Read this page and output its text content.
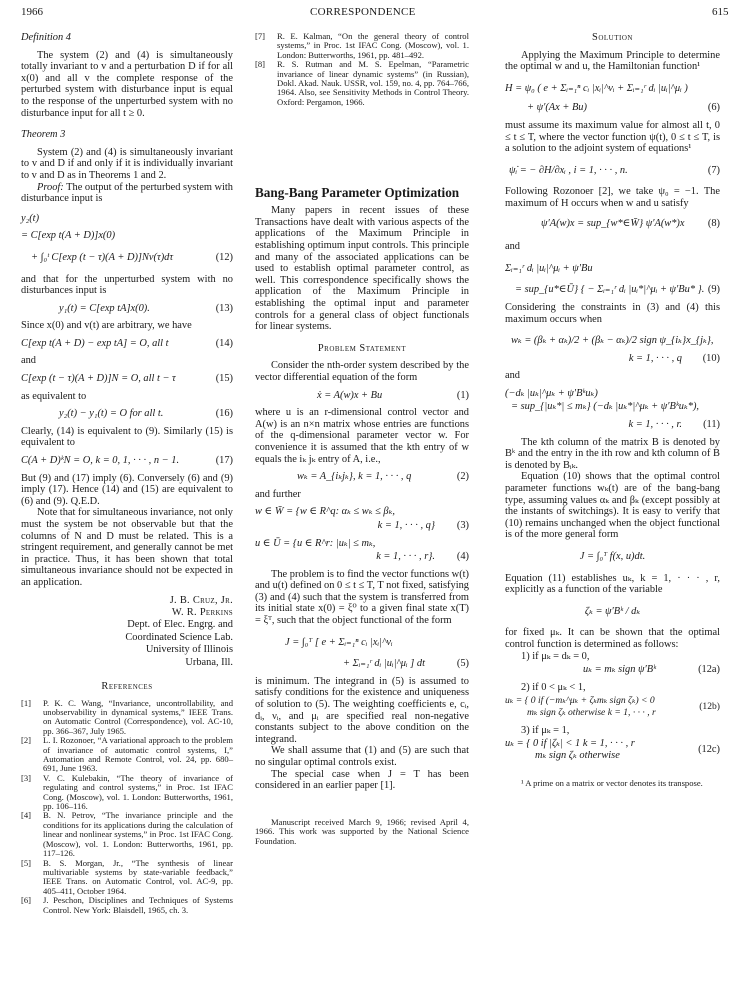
1966	CORRESPONDENCE	615

Definition 4

The system (2) and (4) is simultaneously totally invariant to v and a perturbation D if for all x(0) and all v the complete response of the perturbed system with disturbance input is equal to the response of the unperturbed system with no disturbance input for all t ≥ 0.

Theorem 3

System (2) and (4) is simultaneously invariant to v and D if and only if it is individually invariant to v and D as in Theorems 1 and 2.

Proof: The output of the perturbed system with disturbance input is

y₂(t)
= C[exp t(A + D)]x(0)
+ ∫₀ᵗ C[exp (t − τ)(A + D)]Nv(τ)dτ	(12)

and that for the unperturbed system with no disturbances input is

y₁(t) = C[exp tA]x(0).	(13)

Since x(0) and v(t) are arbitrary, we have

C[exp t(A + D) − exp tA] = O, all t	(14)

and

C[exp (t − τ)(A + D)]N = O, all t − τ	(15)

as equivalent to

y₂(t) − y₁(t) = O for all t.	(16)

Clearly, (14) is equivalent to (9). Similarly (15) is equivalent to

C(A + D)ᵏN = O, k = 0, 1, · · · , n − 1.	(17)

But (9) and (17) imply (6). Conversely (6) and (9) imply (17). Hence (14) and (15) are equivalent to (6) and (9). Q.E.D.

Note that for simultaneous invariance, not only must the system be not observable but that the columns of N and D must be related. This is a stringent requirement, and generally cannot be met in practice. Thus, it has been shown that total simultaneous invariance should not be expected in an application.

J. B. Cruz, Jr.
W. R. Perkins
Dept. of Elec. Engrg. and
Coordinated Science Lab.
University of Illinois
Urbana, Ill.
References
[1] P. K. C. Wang, “Invariance, uncontrollability, and unobservability in dynamical systems,” IEEE Trans. on Automatic Control (Correspondence), vol. AC-10, pp. 366–367, July 1965.
[2] L. I. Rozonoer, “A variational approach to the problem of invariance of automatic control systems, I,” Automation and Remote Control, vol. 24, pp. 680–691, June 1963.
[3] V. C. Kulebakin, “The theory of invariance of regulating and control systems,” in Proc. 1st IFAC Cong. (Moscow), vol. 1. London: Butterworths, 1961, pp. 106–116.
[4] B. N. Petrov, “The invariance principle and the conditions for its applications during the calculation of linear and nonlinear systems,” in Proc. 1st IFAC Cong. (Moscow), vol. 1. London: Butterworths, 1961, pp. 117–126.
[5] B. S. Morgan, Jr., “The synthesis of linear multivariable systems by state-variable feedback,” IEEE Trans. on Automatic Control, vol. AC-9, pp. 405–411, October 1964.
[6] J. Peschon, Disciplines and Techniques of Systems Control. New York: Blaisdell, 1965, ch. 3.
[7] R. E. Kalman, “On the general theory of control systems,” in Proc. 1st IFAC Cong. (Moscow), vol. 1. London: Butterworths, 1961, pp. 481–492.
[8] R. S. Rutman and M. S. Epelman, “Parametric invariance of linear dynamic systems” (in Russian), Dokl. Akad. Nauk. USSR, vol. 159, no. 4, pp. 764–766, 1964. Also, see Sensitivity Methods in Control Theory. Oxford: Pergamon, 1966.
Bang-Bang Parameter Optimization

Many papers in recent issues of these Transactions have dealt with various aspects of the applications of the Maximum Principle in establishing optimum input controls. This principle and many of the associated applications can be used to establish optimal parameter control, as well. This correspondence specifically shows the application of the Maximum Principle in establishing the optimal input and parameter controls for a general class of object functionals for linear systems.

Problem Statement

Consider the nth-order system described by the vector differential equation of the form

ẋ = A(w)x + Bu	(1)

where u is an r-dimensional control vector and A(w) is an n×n matrix whose entries are functions of the q-dimensional parameter vector w. For convenience it is assumed that the kth entry of w equals the iₖ jₖ entry of A, i.e.,

wₖ = A_{iₖjₖ}, k = 1, · · · , q	(2)

and further

w ∈ W̄ = {w ∈ R^q: αₖ ≤ wₖ ≤ βₖ,
k = 1, · · · , q} (3)
u ∈ Ū = {u ∈ R^r: |uₖ| ≤ mₖ,
k = 1, · · · , r}. (4)

The problem is to find the vector functions w(t) and u(t) defined on 0 ≤ t ≤ T, T not fixed, satisfying (3) and (4) such that the system is transferred from its initial state x(0) = ξ⁰ to a given final state x(T) = ξᵀ, such that the object functional of the form

J = ∫₀ᵀ [ e + Σᵢ₌₁ⁿ cᵢ |xᵢ|^νᵢ
+ Σᵢ₌₁ʳ dᵢ |uᵢ|^μᵢ ] dt	(5)

is minimum. The integrand in (5) is assumed to satisfy conditions for the existence and uniqueness of solution to (5). The weighting coefficients e, cᵢ, dᵢ, νᵢ, and μᵢ are specified real non-negative constants subject to the above condition on the integrand.

We shall assume that (1) and (5) are such that no singular optimal controls exist.

The special case when J = T has been considered in an earlier paper [1].

Manuscript received March 9, 1966; revised April 4, 1966. This work was supported by the National Science Foundation.

Solution

Applying the Maximum Principle to determine the optimal w and u, the Hamiltonian function¹

H = ψ₀ ( e + Σᵢ₌₁ⁿ cᵢ |xᵢ|^νᵢ + Σᵢ₌₁ʳ dᵢ |uᵢ|^μᵢ )
+ ψ′(Ax + Bu)	(6)

must assume its maximum value for almost all t, 0 ≤ t ≤ T, where the vector function ψ(t), 0 ≤ t ≤ T, is a solution to the adjoint system of equations¹

ψ̇ᵢ = − ∂H/∂xᵢ , i = 1, · · · , n.	(7)

Following Rozonoer [2], we take ψ₀ = −1. The maximum of H occurs when w and u satisfy

ψ′A(w)x = sup_{w*∈W̄} ψ′A(w*)x (8)

and

Σᵢ₌₁ʳ dᵢ |uᵢ|^μᵢ + ψ′Bu
= sup_{u*∈Ū} { − Σᵢ₌₁ʳ dᵢ |uᵢ*|^μᵢ + ψ′Bu* }. (9)

Considering the constraints in (3) and (4) this maximum occurs when

wₖ = (βₖ + αₖ)/2 + (βₖ − αₖ)/2 sign ψ_{iₖ}x_{jₖ},
k = 1, · · · , q (10)

and

(−dₖ |uₖ|^μₖ + ψ′Bᵏuₖ)
= sup_{|uₖ*| ≤ mₖ} (−dₖ |uₖ*|^μₖ + ψ′Bᵏuₖ*),
k = 1, · · · , r. (11)

The kth column of the matrix B is denoted by Bᵏ and the entry in the ith row and kth column of B is denoted by Bᵢₖ.

Equation (10) shows that the optimal control parameter functions wₖ(t) are of the bang-bang type, assuming values αₖ and βₖ (except possibly at the instants of switchings). It is easy to verify that (10) remains unchanged when the object functional is of the more general form

J = ∫₀ᵀ f(x, u)dt.

Equation (11) establishes uₖ, k = 1, · · · , r, explicitly as a function of the variable

ζₖ = ψ′Bᵏ / dₖ

for fixed μₖ. It can be shown that the optimal control function is determined as follows:

1) if μₖ = dₖ = 0,

uₖ = mₖ sign ψ′Bᵏ	(12a)

2) if 0 < μₖ < 1,

uₖ = { 0 if (−mₖ^μₖ + ζₖmₖ sign ζₖ) < 0
mₖ sign ζₖ otherwise k = 1, · · · , r
(12b)

3) if μₖ = 1,

uₖ = { 0 if |ζₖ| < 1 k = 1, · · · , r
mₖ sign ζₖ otherwise
(12c)

¹ A prime on a matrix or vector denotes its transpose.
